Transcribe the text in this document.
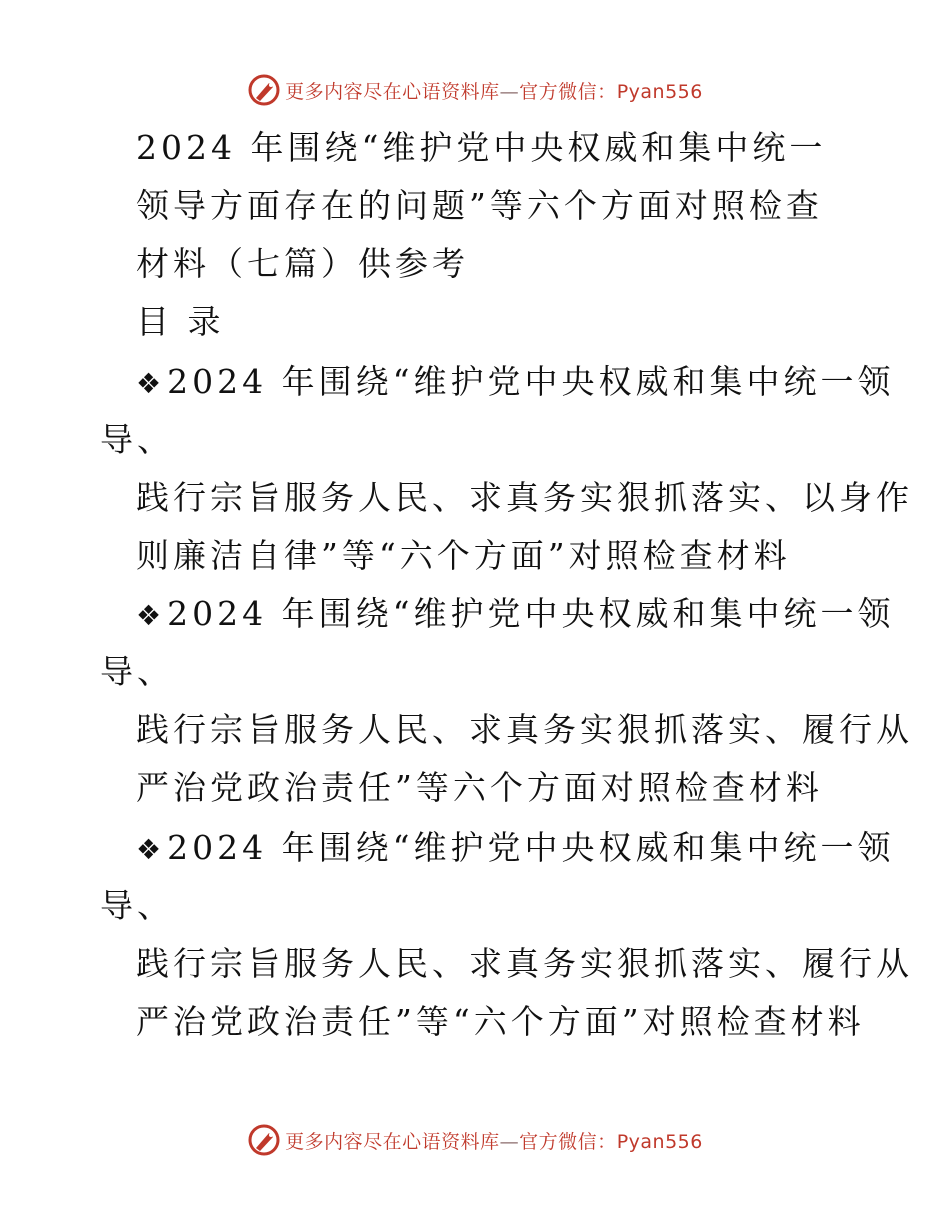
更多内容尽在心语资料库—官方微信：Pyan556
2024 年围绕“维护党中央权威和集中统一
领导方面存在的问题”等六个方面对照检查
材料（七篇）供参考
目 录
❖2024 年围绕“维护党中央权威和集中统一领
导、
践行宗旨服务人民、求真务实狠抓落实、以身作
则廉洁自律”等“六个方面”对照检查材料
❖2024 年围绕“维护党中央权威和集中统一领
导、
践行宗旨服务人民、求真务实狠抓落实、履行从
严治党政治责任”等六个方面对照检查材料
❖2024 年围绕“维护党中央权威和集中统一领
导、
践行宗旨服务人民、求真务实狠抓落实、履行从
严治党政治责任”等“六个方面”对照检查材料
更多内容尽在心语资料库—官方微信：Pyan556
